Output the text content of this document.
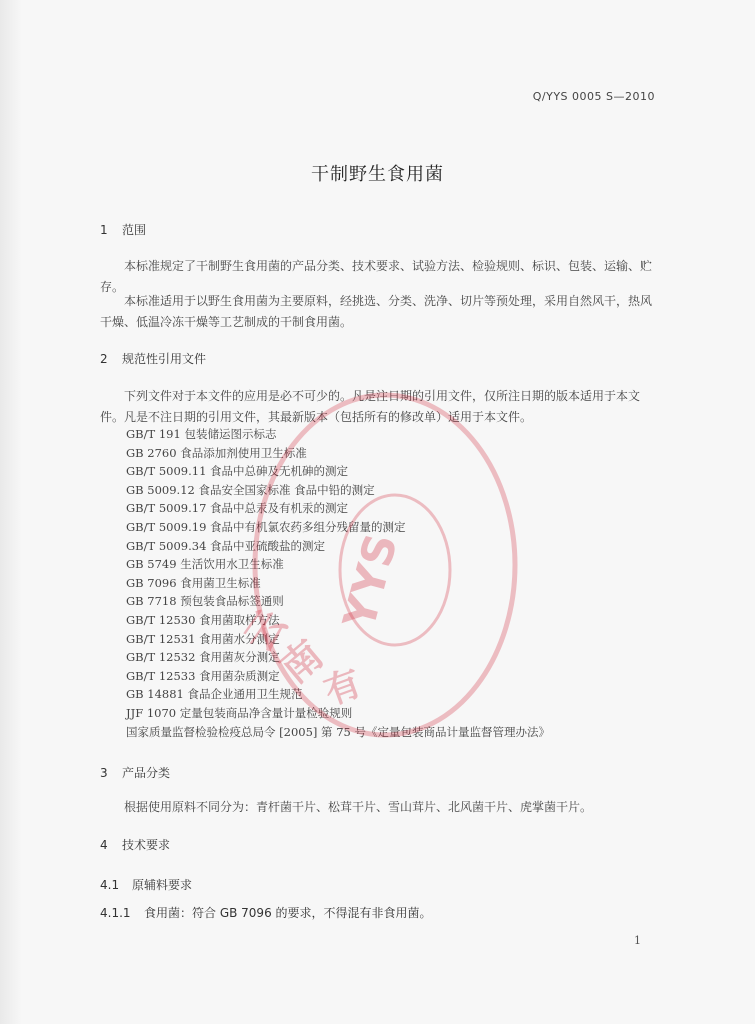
Q/YYS 0005 S—2010
干制野生食用菌
1 范围
本标准规定了干制野生食用菌的产品分类、技术要求、试验方法、检验规则、标识、包装、运输、贮存。
本标准适用于以野生食用菌为主要原料，经挑选、分类、洗净、切片等预处理，采用自然风干，热风干燥、低温冷冻干燥等工艺制成的干制食用菌。
2 规范性引用文件
下列文件对于本文件的应用是必不可少的。凡是注日期的引用文件，仅所注日期的版本适用于本文件。凡是不注日期的引用文件，其最新版本（包括所有的修改单）适用于本文件。
GB/T 191 包装储运图示标志
GB 2760 食品添加剂使用卫生标准
GB/T 5009.11 食品中总砷及无机砷的测定
GB 5009.12 食品安全国家标准 食品中铅的测定
GB/T 5009.17 食品中总汞及有机汞的测定
GB/T 5009.19 食品中有机氯农药多组分残留量的测定
GB/T 5009.34 食品中亚硫酸盐的测定
GB 5749 生活饮用水卫生标准
GB 7096 食用菌卫生标准
GB 7718 预包装食品标签通则
GB/T 12530 食用菌取样方法
GB/T 12531 食用菌水分测定
GB/T 12532 食用菌灰分测定
GB/T 12533 食用菌杂质测定
GB 14881 食品企业通用卫生规范
JJF 1070 定量包装商品净含量计量检验规则
国家质量监督检验检疫总局令 [2005] 第 75 号《定量包装商品计量监督管理办法》
3 产品分类
根据使用原料不同分为：青杆菌干片、松茸干片、雪山茸片、北风菌干片、虎掌菌干片。
4 技术要求
4.1 原辅料要求
4.1.1 食用菌：符合 GB 7096 的要求，不得混有非食用菌。
1
YYS
南
云
有
